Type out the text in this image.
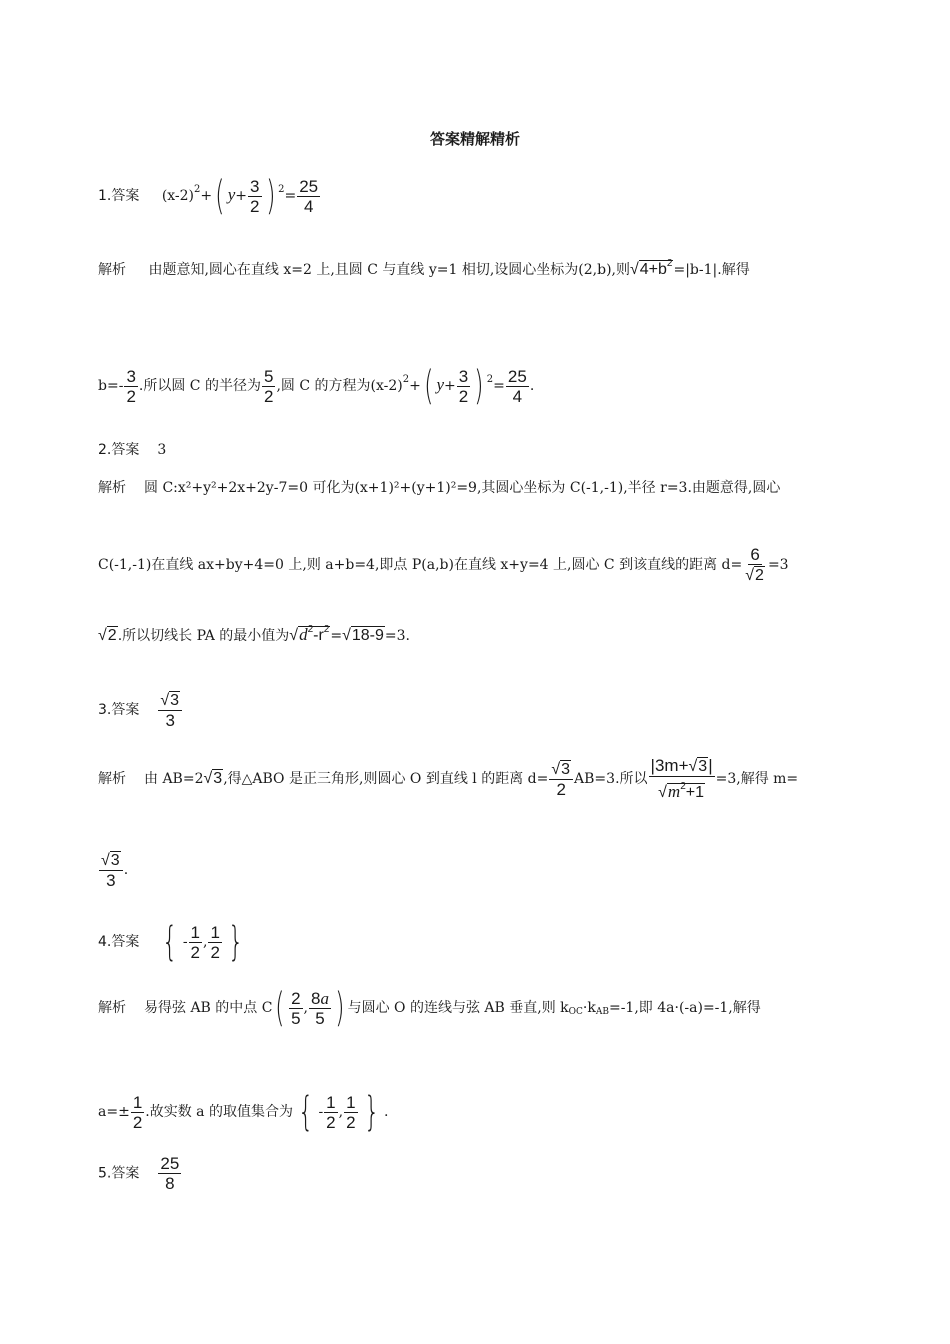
答案精解精析
1.答案 $(x-2)^2+$( $y+ \frac{3}{2}$ ) $^2= \frac{25}{4}$
解析 由题意知,圆心在直线 x=2 上,且圆 C 与直线 y=1 相切,设圆心坐标为(2,b),则$√4+b^2=|b-1|$.解得
$b=- \frac{3}{2}$ .所以圆 C 的半径为 $\frac{5}{2}$ ,圆 C 的方程为$(x-2)^2+$( $y+ \frac{3}{2}$ ) $^2= \frac{25}{4}$ .
2.答案 3
解析 圆 C:x²+y²+2x+2y-7=0 可化为(x+1)²+(y+1)²=9,其圆心坐标为 C(-1,-1),半径 r=3.由题意得,圆心
C(-1,-1)在直线 ax+by+4=0 上,则 a+b=4,即点 P(a,b)在直线 x+y=4 上,圆心 C 到该直线的距离 $d= \frac{6}{√2} =3$
√2.所以切线长 PA 的最小值为$√d^2-r^2=√18-9=3$.
3.答案 $\frac{√3}{3}$
解析 由 AB=2√3,得△ABO 是正三角形,则圆心 O 到直线 l 的距离 $d= \frac{√3}{2} AB=3$.所以 $\frac{|3m+√3|}{√m^2+1} =3$,解得 m=
$\frac{√3}{3}$ .
4.答案 { - $\frac{1}{2}$ , $\frac{1}{2}$ }
解析 易得弦 AB 的中点 $C( \frac{2}{5}$ , $\frac{8a}{5}$ ) 与圆心 O 的连线与弦 AB 垂直,则 $k_{OC}\cdot k_{AB}=-1$,即 4a·(-a)=-1,解得
$a=\pm \frac{1}{2}$ .故实数 a 的取值集合为 { - $\frac{1}{2}$ , $\frac{1}{2}$ } .
5.答案 $\frac{25}{8}$
